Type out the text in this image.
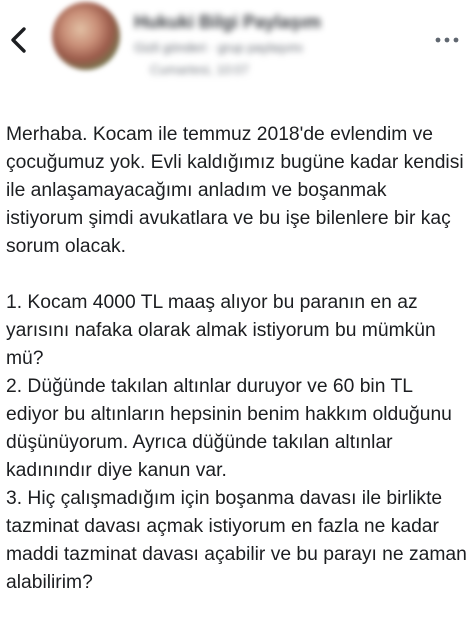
Hukuki Bilgi Paylaşım
Gizli gönderi · grup paylaşımı
Cumartesi, 10:07

Merhaba. Kocam ile temmuz 2018'de evlendim ve çocuğumuz yok. Evli kaldığımız bugüne kadar kendisi ile anlaşamayacağımı anladım ve boşanmak istiyorum şimdi avukatlara ve bu işe bilenlere bir kaç sorum olacak.

1. Kocam 4000 TL maaş alıyor bu paranın en az yarısını nafaka olarak almak istiyorum bu mümkün mü?

2. Düğünde takılan altınlar duruyor ve 60 bin TL ediyor bu altınların hepsinin benim hakkım olduğunu düşünüyorum. Ayrıca düğünde takılan altınlar kadınındır diye kanun var.

3. Hiç çalışmadığım için boşanma davası ile birlikte tazminat davası açmak istiyorum en fazla ne kadar maddi tazminat davası açabilir ve bu parayı ne zaman alabilirim?
